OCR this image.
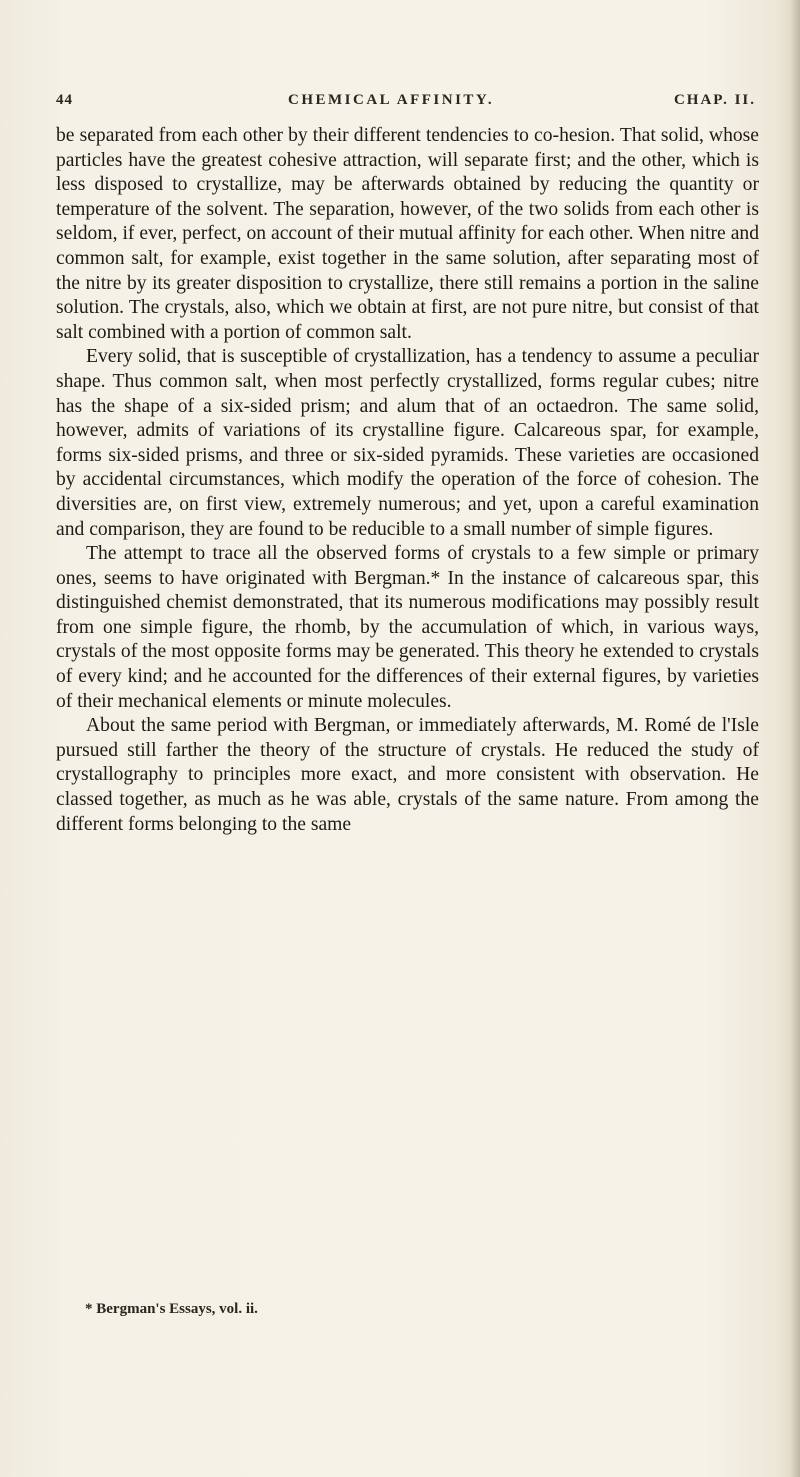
44	CHEMICAL AFFINITY.	CHAP. II.

be separated from each other by their different tendencies to co-hesion. That solid, whose particles have the greatest cohesive attraction, will separate first; and the other, which is less disposed to crystallize, may be afterwards obtained by reducing the quantity or temperature of the solvent. The separation, however, of the two solids from each other is seldom, if ever, perfect, on account of their mutual affinity for each other. When nitre and common salt, for example, exist together in the same solution, after separating most of the nitre by its greater disposition to crystallize, there still remains a portion in the saline solution. The crystals, also, which we obtain at first, are not pure nitre, but consist of that salt combined with a portion of common salt.

Every solid, that is susceptible of crystallization, has a tendency to assume a peculiar shape. Thus common salt, when most perfectly crystallized, forms regular cubes; nitre has the shape of a six-sided prism; and alum that of an octaedron. The same solid, however, admits of variations of its crystalline figure. Calcareous spar, for example, forms six-sided prisms, and three or six-sided pyramids. These varieties are occasioned by accidental circumstances, which modify the operation of the force of cohesion. The diversities are, on first view, extremely numerous; and yet, upon a careful examination and comparison, they are found to be reducible to a small number of simple figures.

The attempt to trace all the observed forms of crystals to a few simple or primary ones, seems to have originated with Bergman.* In the instance of calcareous spar, this distinguished chemist demonstrated, that its numerous modifications may possibly result from one simple figure, the rhomb, by the accumulation of which, in various ways, crystals of the most opposite forms may be generated. This theory he extended to crystals of every kind; and he accounted for the differences of their external figures, by varieties of their mechanical elements or minute molecules.

About the same period with Bergman, or immediately afterwards, M. Romé de l'Isle pursued still farther the theory of the structure of crystals. He reduced the study of crystallography to principles more exact, and more consistent with observation. He classed together, as much as he was able, crystals of the same nature. From among the different forms belonging to the same

* Bergman's Essays, vol. ii.
